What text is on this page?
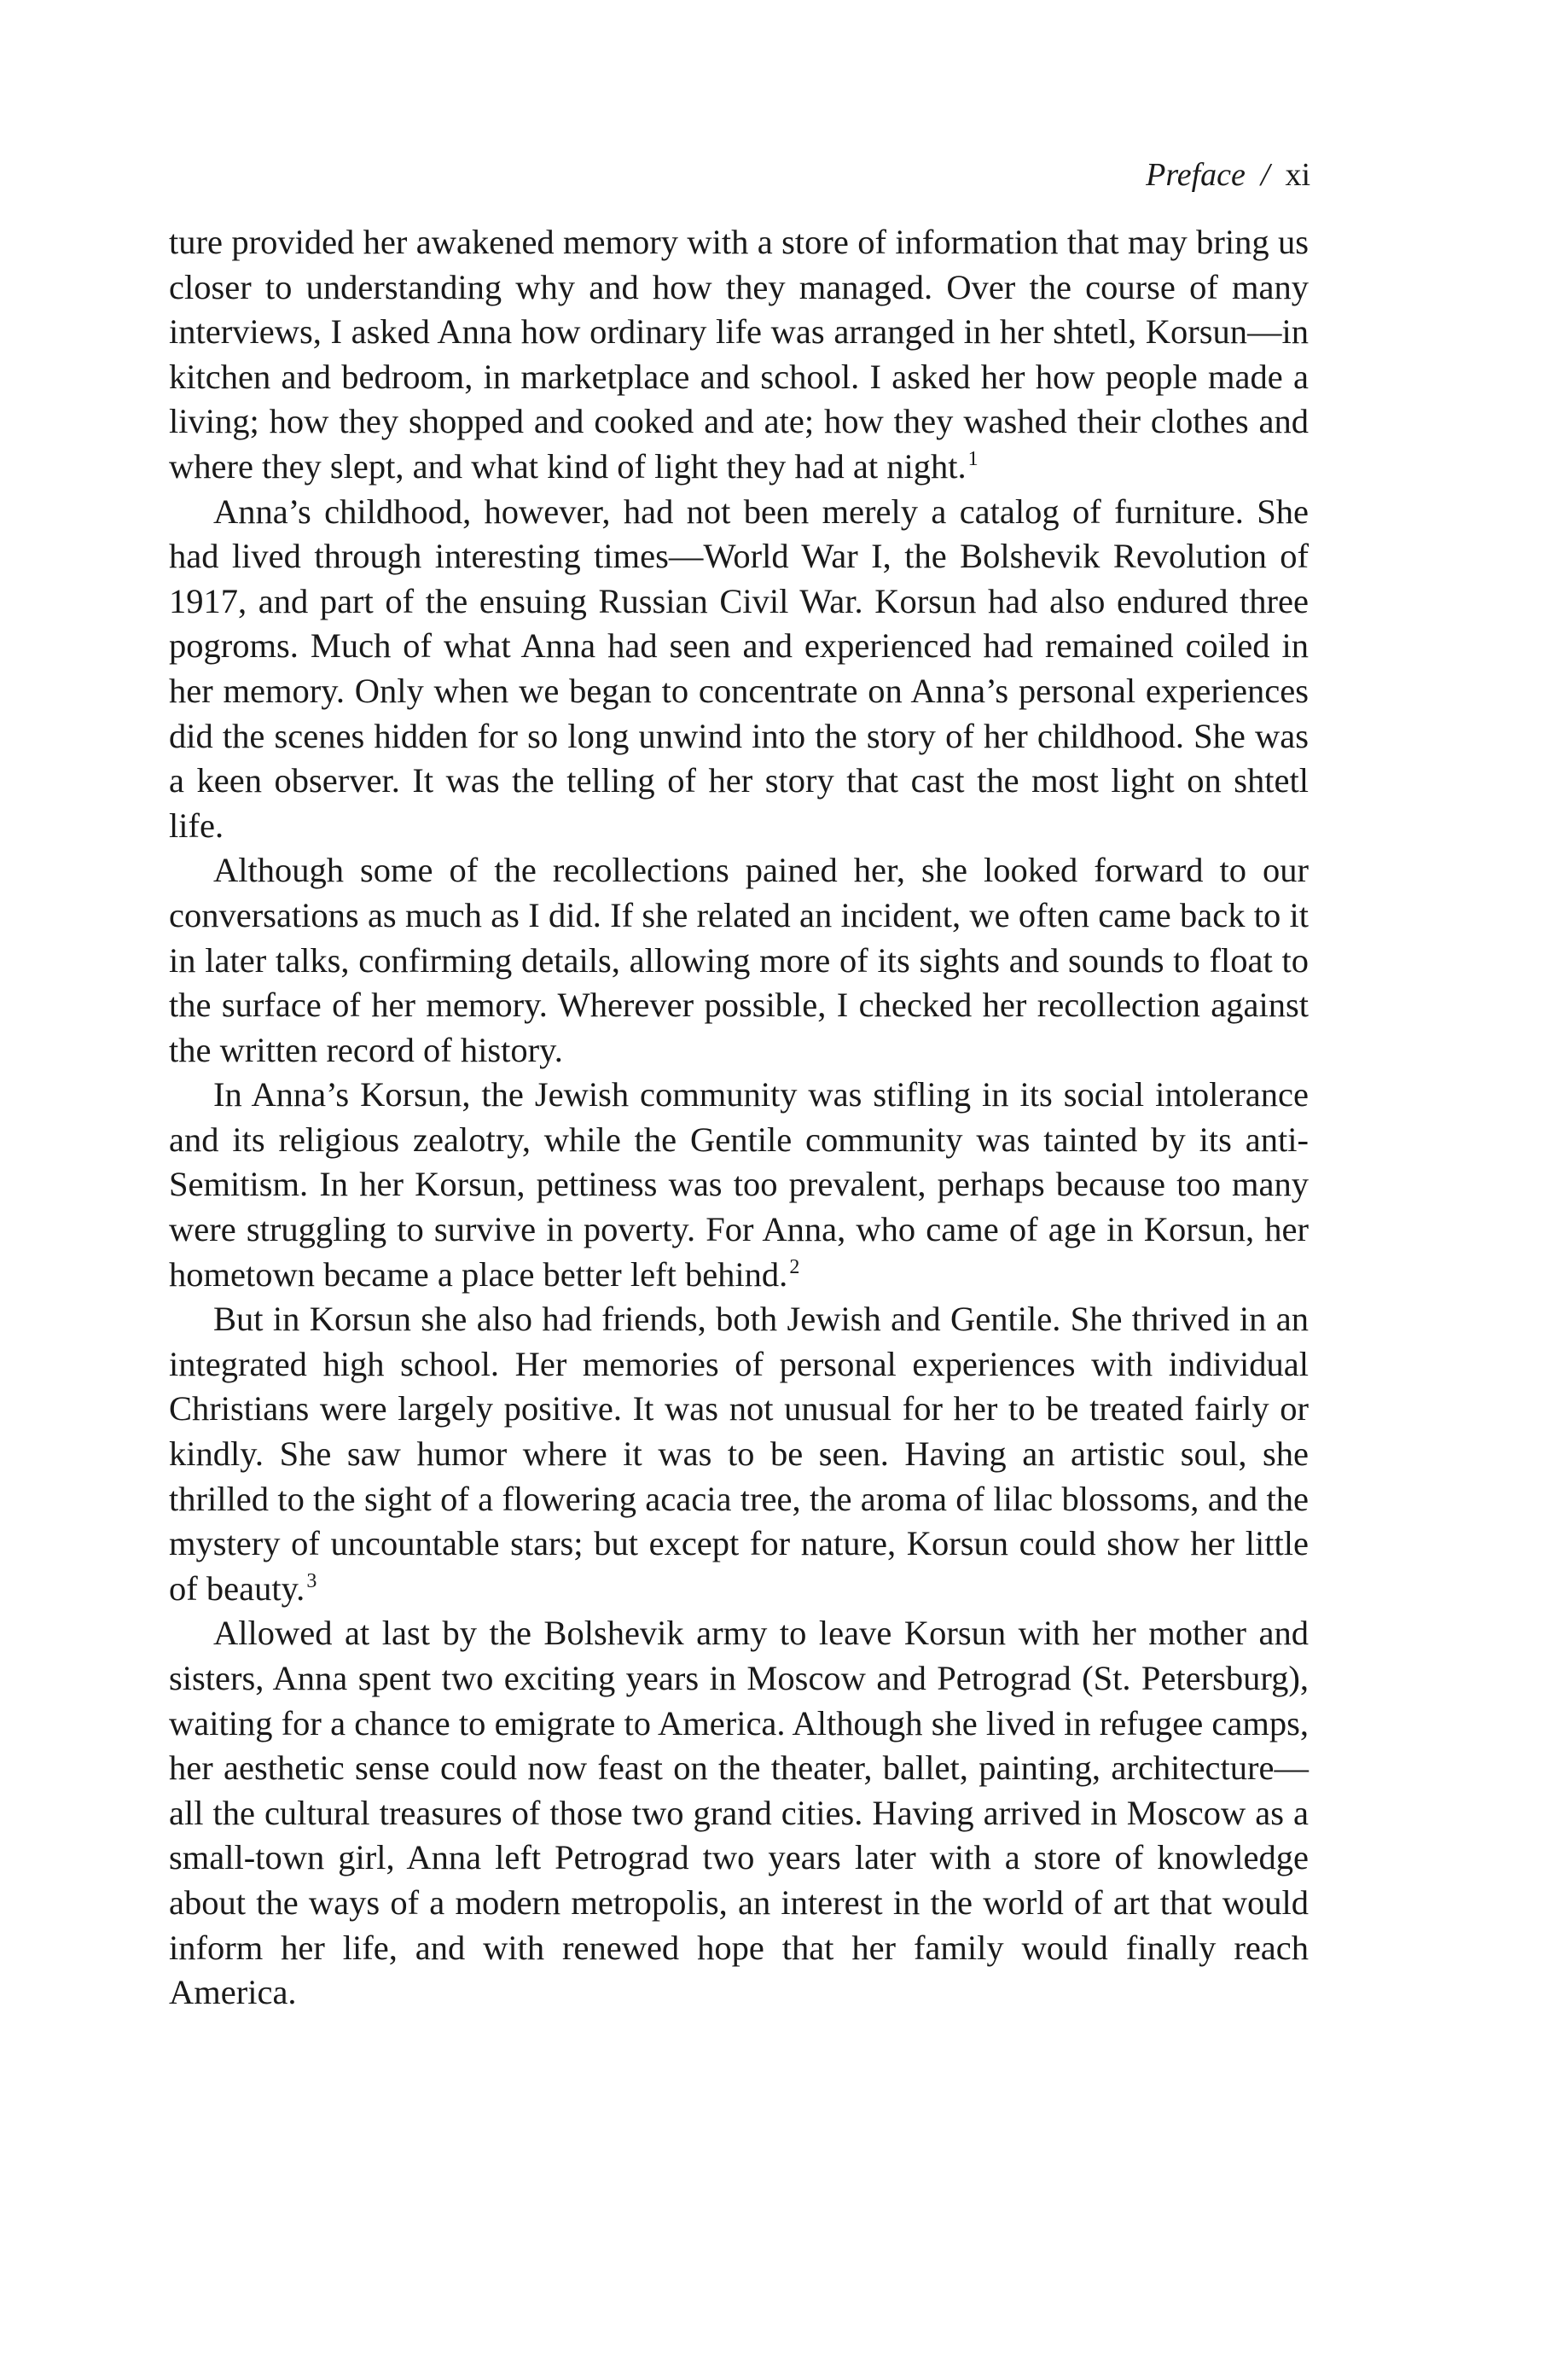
Preface / xi

ture provided her awakened memory with a store of information that may bring us closer to understanding why and how they managed. Over the course of many interviews, I asked Anna how ordinary life was arranged in her shtetl, Korsun—in kitchen and bedroom, in marketplace and school. I asked her how people made a living; how they shopped and cooked and ate; how they washed their clothes and where they slept, and what kind of light they had at night.$^1$

Anna’s childhood, however, had not been merely a catalog of furniture. She had lived through interesting times—World War I, the Bolshevik Revolution of 1917, and part of the ensuing Russian Civil War. Korsun had also endured three pogroms. Much of what Anna had seen and experienced had remained coiled in her memory. Only when we began to concentrate on Anna’s personal experiences did the scenes hidden for so long unwind into the story of her childhood. She was a keen observer. It was the telling of her story that cast the most light on shtetl life.

Although some of the recollections pained her, she looked forward to our conversations as much as I did. If she related an incident, we often came back to it in later talks, confirming details, allowing more of its sights and sounds to float to the surface of her memory. Wherever possible, I checked her recollection against the written record of history.

In Anna’s Korsun, the Jewish community was stifling in its social intolerance and its religious zealotry, while the Gentile community was tainted by its anti-Semitism. In her Korsun, pettiness was too prevalent, perhaps because too many were struggling to survive in poverty. For Anna, who came of age in Korsun, her hometown became a place better left behind.$^2$

But in Korsun she also had friends, both Jewish and Gentile. She thrived in an integrated high school. Her memories of personal experiences with individual Christians were largely positive. It was not unusual for her to be treated fairly or kindly. She saw humor where it was to be seen. Having an artistic soul, she thrilled to the sight of a flowering acacia tree, the aroma of lilac blossoms, and the mystery of uncountable stars; but except for nature, Korsun could show her little of beauty.$^3$

Allowed at last by the Bolshevik army to leave Korsun with her mother and sisters, Anna spent two exciting years in Moscow and Petrograd (St. Petersburg), waiting for a chance to emigrate to America. Although she lived in refugee camps, her aesthetic sense could now feast on the theater, ballet, painting, architecture—all the cultural treasures of those two grand cities. Having arrived in Moscow as a small-town girl, Anna left Petrograd two years later with a store of knowledge about the ways of a modern metropolis, an interest in the world of art that would inform her life, and with renewed hope that her family would finally reach America.
